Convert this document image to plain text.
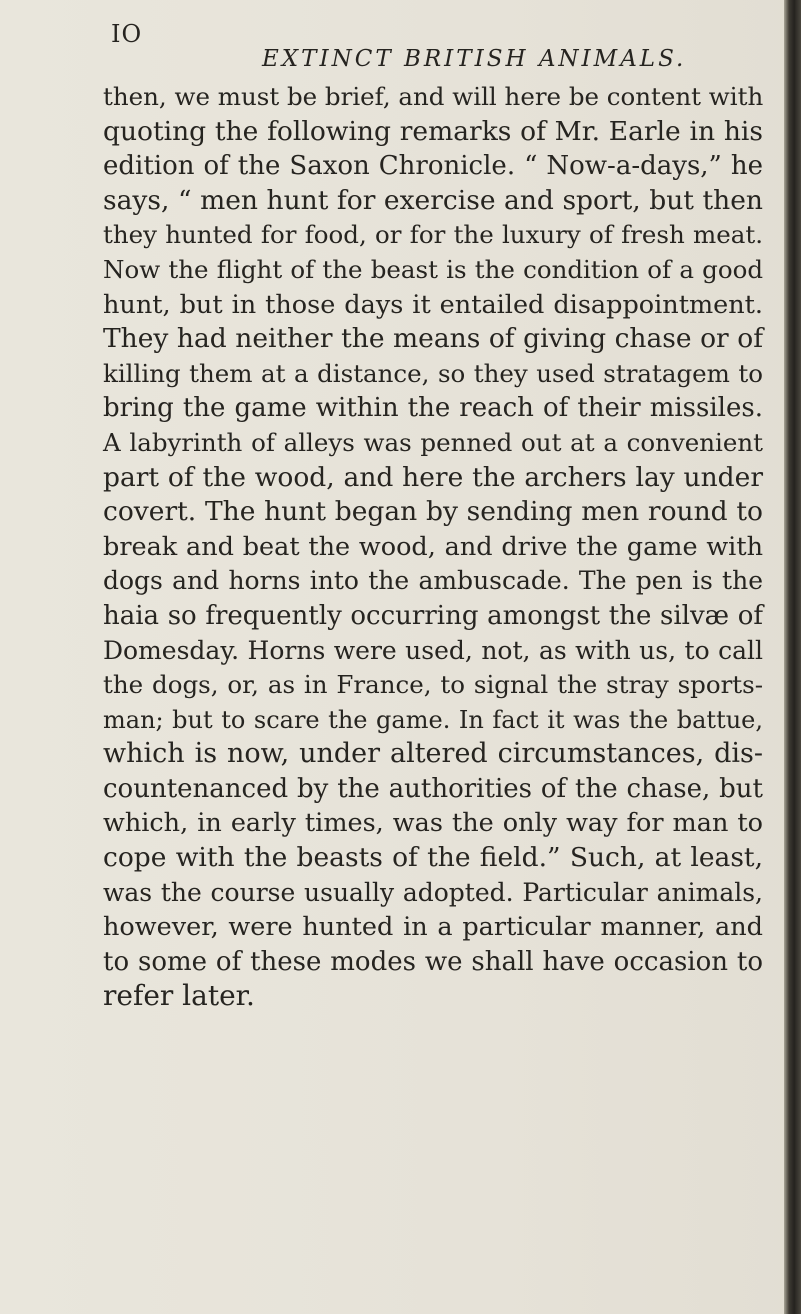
IO
EXTINCT BRITISH ANIMALS.
then, we must be brief, and will here be content with
quoting the following remarks of Mr. Earle in his
edition of the Saxon Chronicle. “ Now-a-days,” he
says, “ men hunt for exercise and sport, but then
they hunted for food, or for the luxury of fresh meat.
Now the flight of the beast is the condition of a good
hunt, but in those days it entailed disappointment.
They had neither the means of giving chase or of
killing them at a distance, so they used stratagem to
bring the game within the reach of their missiles.
A labyrinth of alleys was penned out at a convenient
part of the wood, and here the archers lay under
covert. The hunt began by sending men round to
break and beat the wood, and drive the game with
dogs and horns into the ambuscade. The pen is the
haia so frequently occurring amongst the silvæ of
Domesday. Horns were used, not, as with us, to call
the dogs, or, as in France, to signal the stray sports-
man; but to scare the game. In fact it was the battue,
which is now, under altered circumstances, dis-
countenanced by the authorities of the chase, but
which, in early times, was the only way for man to
cope with the beasts of the field.” Such, at least,
was the course usually adopted. Particular animals,
however, were hunted in a particular manner, and
to some of these modes we shall have occasion to
refer later.
